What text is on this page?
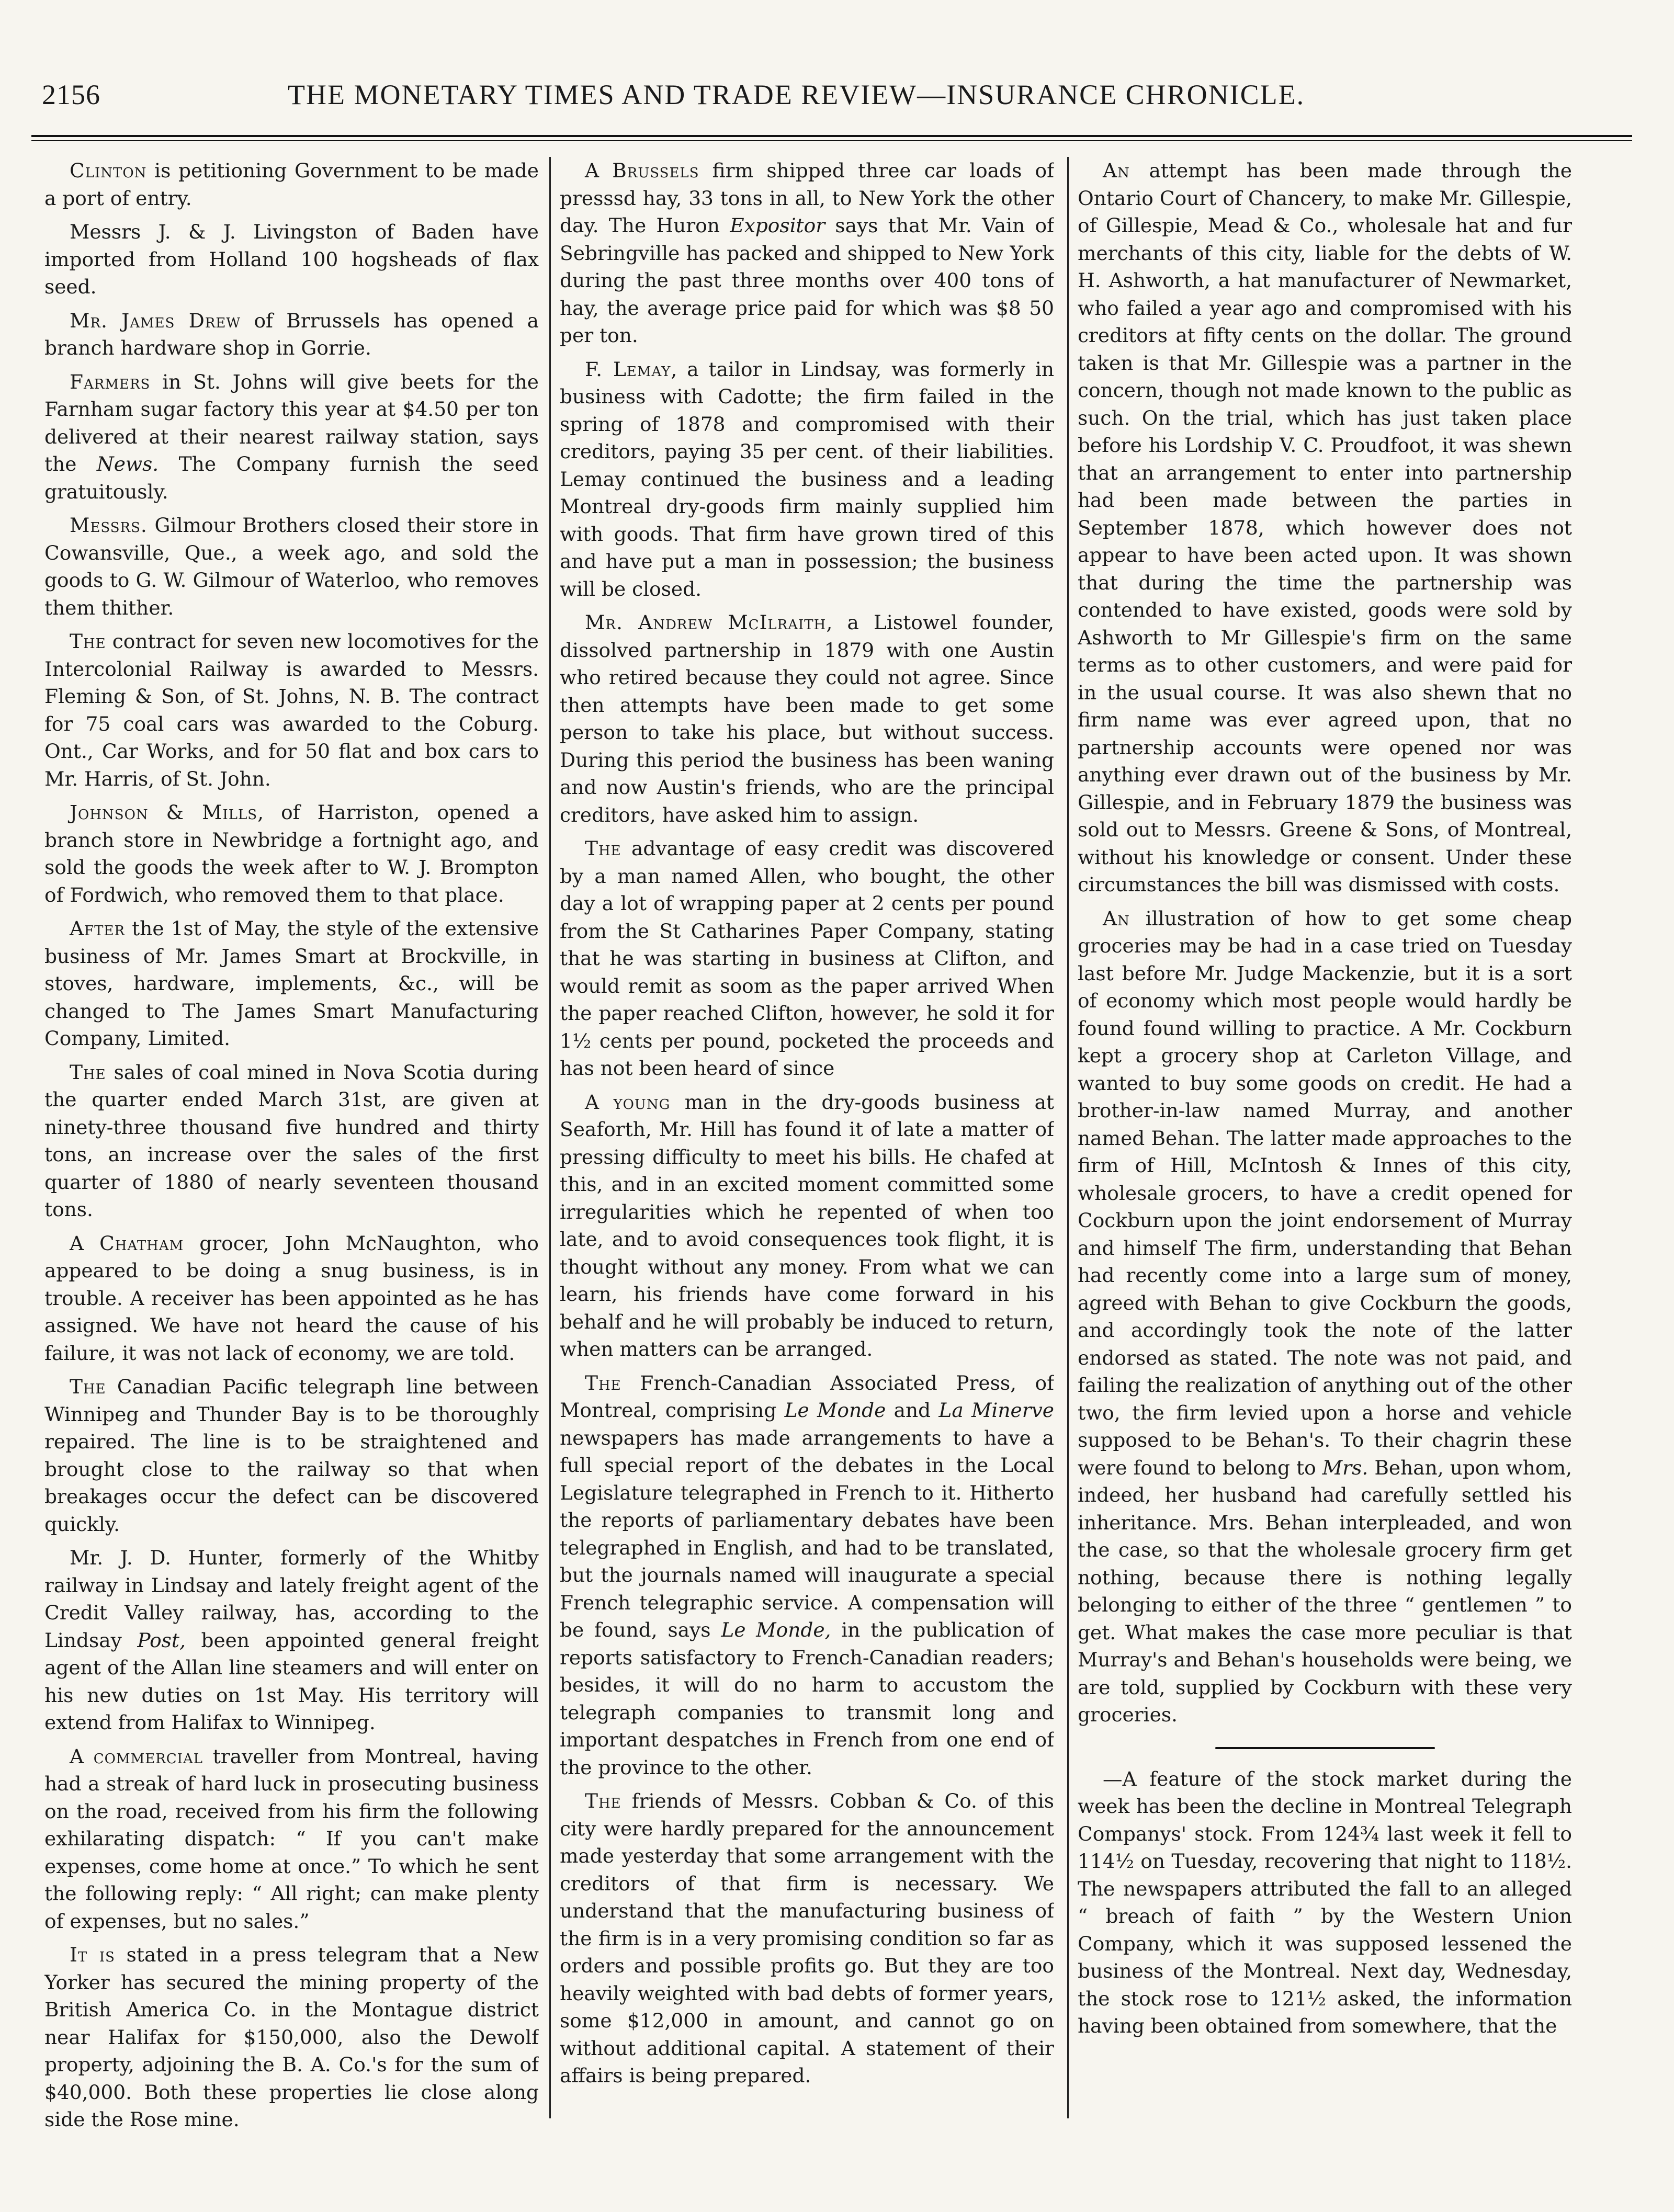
2156	THE MONETARY TIMES AND TRADE REVIEW—INSURANCE CHRONICLE.

Clinton is petitioning Government to be made a port of entry.

Messrs J. & J. Livingston of Baden have imported from Holland 100 hogsheads of flax seed.

Mr. James Drew of Brrussels has opened a branch hardware shop in Gorrie.

Farmers in St. Johns will give beets for the Farnham sugar factory this year at $4.50 per ton delivered at their nearest railway station, says the News. The Company furnish the seed gratuitously.

Messrs. Gilmour Brothers closed their store in Cowansville, Que., a week ago, and sold the goods to G. W. Gilmour of Waterloo, who removes them thither.

The contract for seven new locomotives for the Intercolonial Railway is awarded to Messrs. Fleming & Son, of St. Johns, N. B. The contract for 75 coal cars was awarded to the Coburg. Ont., Car Works, and for 50 flat and box cars to Mr. Harris, of St. John.

Johnson & Mills, of Harriston, opened a branch store in Newbridge a fortnight ago, and sold the goods the week after to W. J. Brompton of Fordwich, who removed them to that place.

After the 1st of May, the style of the extensive business of Mr. James Smart at Brockville, in stoves, hardware, implements, &c., will be changed to The James Smart Manufacturing Company, Limited.

The sales of coal mined in Nova Scotia during the quarter ended March 31st, are given at ninety-three thousand five hundred and thirty tons, an increase over the sales of the first quarter of 1880 of nearly seventeen thousand tons.

A Chatham grocer, John McNaughton, who appeared to be doing a snug business, is in trouble. A receiver has been appointed as he has assigned. We have not heard the cause of his failure, it was not lack of economy, we are told.

The Canadian Pacific telegraph line between Winnipeg and Thunder Bay is to be thoroughly repaired. The line is to be straightened and brought close to the railway so that when breakages occur the defect can be discovered quickly.

Mr. J. D. Hunter, formerly of the Whitby railway in Lindsay and lately freight agent of the Credit Valley railway, has, according to the Lindsay Post, been appointed general freight agent of the Allan line steamers and will enter on his new duties on 1st May. His territory will extend from Halifax to Winnipeg.

A commercial traveller from Montreal, having had a streak of hard luck in prosecuting business on the road, received from his firm the following exhilarating dispatch: “ If you can't make expenses, come home at once.” To which he sent the following reply: “ All right; can make plenty of expenses, but no sales.”

It is stated in a press telegram that a New Yorker has secured the mining property of the British America Co. in the Montague district near Halifax for $150,000, also the Dewolf property, adjoining the B. A. Co.'s for the sum of $40,000. Both these properties lie close along side the Rose mine.

A Brussels firm shipped three car loads of presssd hay, 33 tons in all, to New York the other day. The Huron Expositor says that Mr. Vain of Sebringville has packed and shipped to New York during the past three months over 400 tons of hay, the average price paid for which was $8 50 per ton.

F. Lemay, a tailor in Lindsay, was formerly in business with Cadotte; the firm failed in the spring of 1878 and compromised with their creditors, paying 35 per cent. of their liabilities. Lemay continued the business and a leading Montreal dry-goods firm mainly supplied him with goods. That firm have grown tired of this and have put a man in possession; the business will be closed.

Mr. Andrew McIlraith, a Listowel founder, dissolved partnership in 1879 with one Austin who retired because they could not agree. Since then attempts have been made to get some person to take his place, but without success. During this period the business has been waning and now Austin's friends, who are the principal creditors, have asked him to assign.

The advantage of easy credit was discovered by a man named Allen, who bought, the other day a lot of wrapping paper at 2 cents per pound from the St Catharines Paper Company, stating that he was starting in business at Clifton, and would remit as soom as the paper arrived When the paper reached Clifton, however, he sold it for 1½ cents per pound, pocketed the proceeds and has not been heard of since

A young man in the dry-goods business at Seaforth, Mr. Hill has found it of late a matter of pressing difficulty to meet his bills. He chafed at this, and in an excited moment committed some irregularities which he repented of when too late, and to avoid consequences took flight, it is thought without any money. From what we can learn, his friends have come forward in his behalf and he will probably be induced to return, when matters can be arranged.

The French-Canadian Associated Press, of Montreal, comprising Le Monde and La Minerve newspapers has made arrangements to have a full special report of the debates in the Local Legislature telegraphed in French to it. Hitherto the reports of parliamentary debates have been telegraphed in English, and had to be translated, but the journals named will inaugurate a special French telegraphic service. A compensation will be found, says Le Monde, in the publication of reports satisfactory to French-Canadian readers; besides, it will do no harm to accustom the telegraph companies to transmit long and important despatches in French from one end of the province to the other.

The friends of Messrs. Cobban & Co. of this city were hardly prepared for the announcement made yesterday that some arrangement with the creditors of that firm is necessary. We understand that the manufacturing business of the firm is in a very promising condition so far as orders and possible profits go. But they are too heavily weighted with bad debts of former years, some $12,000 in amount, and cannot go on without additional capital. A statement of their affairs is being prepared.

An attempt has been made through the Ontario Court of Chancery, to make Mr. Gillespie, of Gillespie, Mead & Co., wholesale hat and fur merchants of this city, liable for the debts of W. H. Ashworth, a hat manufacturer of Newmarket, who failed a year ago and compromised with his creditors at fifty cents on the dollar. The ground taken is that Mr. Gillespie was a partner in the concern, though not made known to the public as such. On the trial, which has just taken place before his Lordship V. C. Proudfoot, it was shewn that an arrangement to enter into partnership had been made between the parties in September 1878, which however does not appear to have been acted upon. It was shown that during the time the partnership was contended to have existed, goods were sold by Ashworth to Mr Gillespie's firm on the same terms as to other customers, and were paid for in the usual course. It was also shewn that no firm name was ever agreed upon, that no partnership accounts were opened nor was anything ever drawn out of the business by Mr. Gillespie, and in February 1879 the business was sold out to Messrs. Greene & Sons, of Montreal, without his knowledge or consent. Under these circumstances the bill was dismissed with costs.

An illustration of how to get some cheap groceries may be had in a case tried on Tuesday last before Mr. Judge Mackenzie, but it is a sort of economy which most people would hardly be found found willing to practice. A Mr. Cockburn kept a grocery shop at Carleton Village, and wanted to buy some goods on credit. He had a brother-in-law named Murray, and another named Behan. The latter made approaches to the firm of Hill, McIntosh & Innes of this city, wholesale grocers, to have a credit opened for Cockburn upon the joint endorsement of Murray and himself The firm, understanding that Behan had recently come into a large sum of money, agreed with Behan to give Cockburn the goods, and accordingly took the note of the latter endorsed as stated. The note was not paid, and failing the realization of anything out of the other two, the firm levied upon a horse and vehicle supposed to be Behan's. To their chagrin these were found to belong to Mrs. Behan, upon whom, indeed, her husband had carefully settled his inheritance. Mrs. Behan interpleaded, and won the case, so that the wholesale grocery firm get nothing, because there is nothing legally belonging to either of the three “ gentlemen ” to get. What makes the case more peculiar is that Murray's and Behan's households were being, we are told, supplied by Cockburn with these very groceries.

—A feature of the stock market during the week has been the decline in Montreal Telegraph Companys' stock. From 124¾ last week it fell to 114½ on Tuesday, recovering that night to 118½. The newspapers attributed the fall to an alleged “ breach of faith ” by the Western Union Company, which it was supposed lessened the business of the Montreal. Next day, Wednesday, the stock rose to 121½ asked, the information having been obtained from somewhere, that the
